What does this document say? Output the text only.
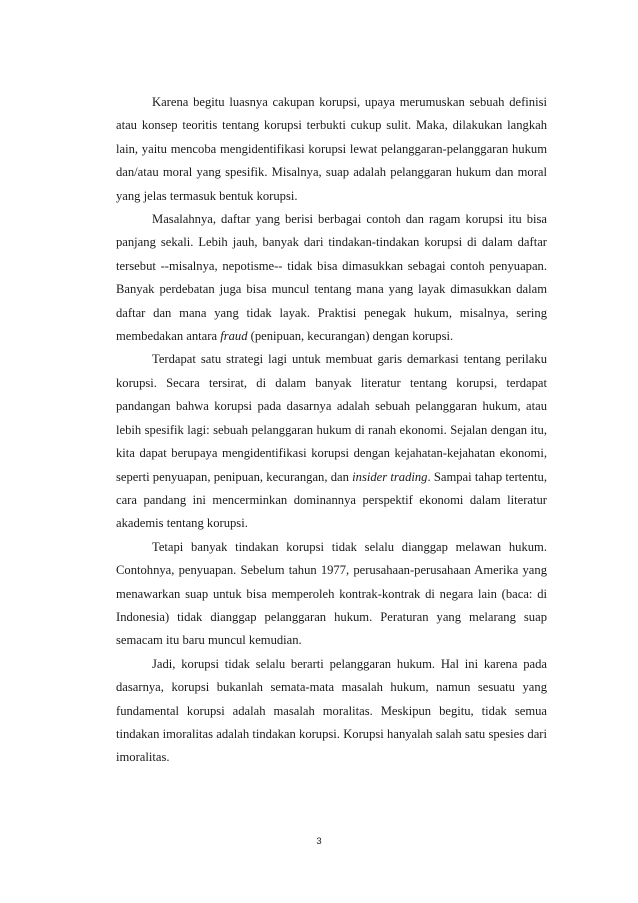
Karena begitu luasnya cakupan korupsi, upaya merumuskan sebuah definisi atau konsep teoritis tentang korupsi terbukti cukup sulit. Maka, dilakukan langkah lain, yaitu mencoba mengidentifikasi korupsi lewat pelanggaran-pelanggaran hukum dan/atau moral yang spesifik. Misalnya, suap adalah pelanggaran hukum dan moral yang jelas termasuk bentuk korupsi.

Masalahnya, daftar yang berisi berbagai contoh dan ragam korupsi itu bisa panjang sekali. Lebih jauh, banyak dari tindakan-tindakan korupsi di dalam daftar tersebut --misalnya, nepotisme-- tidak bisa dimasukkan sebagai contoh penyuapan. Banyak perdebatan juga bisa muncul tentang mana yang layak dimasukkan dalam daftar dan mana yang tidak layak. Praktisi penegak hukum, misalnya, sering membedakan antara fraud (penipuan, kecurangan) dengan korupsi.

Terdapat satu strategi lagi untuk membuat garis demarkasi tentang perilaku korupsi. Secara tersirat, di dalam banyak literatur tentang korupsi, terdapat pandangan bahwa korupsi pada dasarnya adalah sebuah pelanggaran hukum, atau lebih spesifik lagi: sebuah pelanggaran hukum di ranah ekonomi. Sejalan dengan itu, kita dapat berupaya mengidentifikasi korupsi dengan kejahatan-kejahatan ekonomi, seperti penyuapan, penipuan, kecurangan, dan insider trading. Sampai tahap tertentu, cara pandang ini mencerminkan dominannya perspektif ekonomi dalam literatur akademis tentang korupsi.

Tetapi banyak tindakan korupsi tidak selalu dianggap melawan hukum. Contohnya, penyuapan. Sebelum tahun 1977, perusahaan-perusahaan Amerika yang menawarkan suap untuk bisa memperoleh kontrak-kontrak di negara lain (baca: di Indonesia) tidak dianggap pelanggaran hukum. Peraturan yang melarang suap semacam itu baru muncul kemudian.

Jadi, korupsi tidak selalu berarti pelanggaran hukum. Hal ini karena pada dasarnya, korupsi bukanlah semata-mata masalah hukum, namun sesuatu yang fundamental korupsi adalah masalah moralitas. Meskipun begitu, tidak semua tindakan imoralitas adalah tindakan korupsi. Korupsi hanyalah salah satu spesies dari imoralitas.

3
